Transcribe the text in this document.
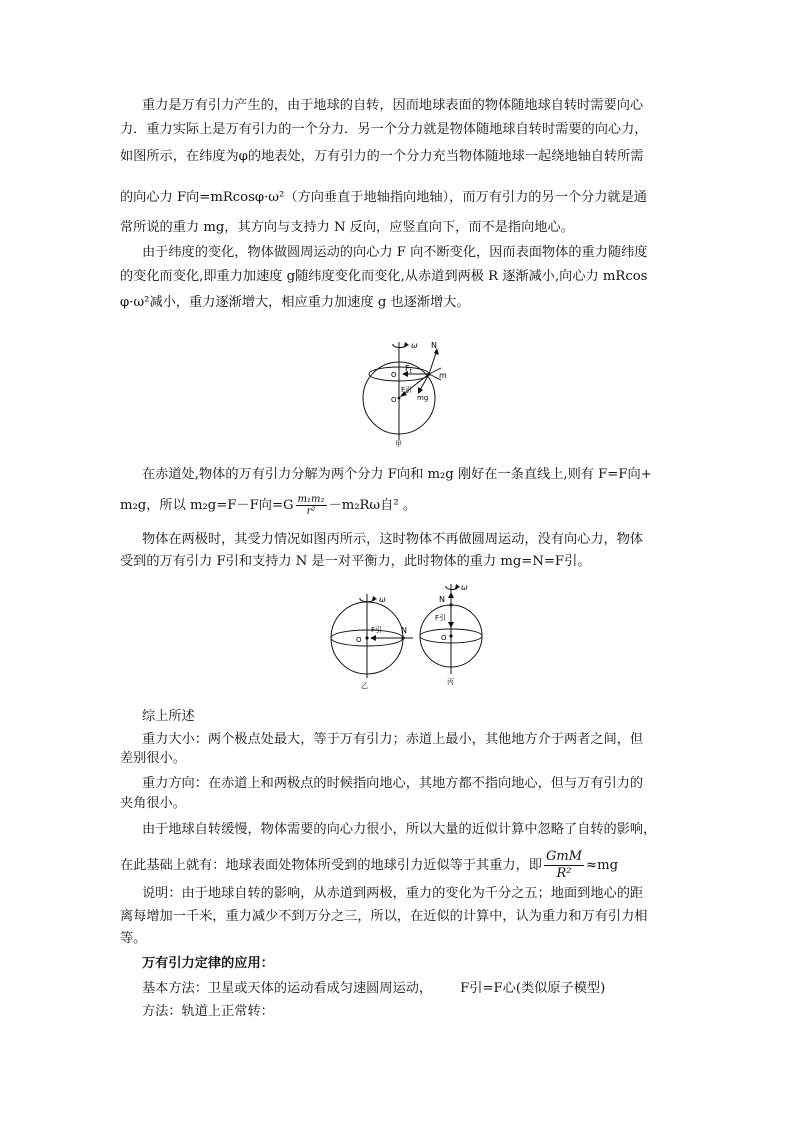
重力是万有引力产生的，由于地球的自转，因而地球表面的物体随地球自转时需要向心
力．重力实际上是万有引力的一个分力．另一个分力就是物体随地球自转时需要的向心力，
如图所示，在纬度为φ的地表处，万有引力的一个分力充当物体随地球一起绕地轴自转所需
的向心力 F向=mRcosφ·ω²（方向垂直于地轴指向地轴），而万有引力的另一个分力就是通
常所说的重力 mg，其方向与支持力 N 反向，应竖直向下，而不是指向地心。
由于纬度的变化，物体做圆周运动的向心力 F 向不断变化，因而表面物体的重力随纬度
的变化而变化,即重力加速度 g随纬度变化而变化,从赤道到两极 R 逐渐减小,向心力 mRcos
φ·ω²减小，重力逐渐增大，相应重力加速度 g 也逐渐增大。
ω N
$F_t$	m
O
O
F引
mg
甲
在赤道处,物体的万有引力分解为两个分力 F向和 m₂g 刚好在一条直线上,则有 F=F向+
m₂g，所以 m₂g=F－F向$=G \frac{\text{m₁m₂}}{\text{r²}} -m_2R\omega$自² 。
物体在两极时，其受力情况如图丙所示，这时物体不再做圆周运动，没有向心力，物体
受到的万有引力 F引和支持力 N 是一对平衡力，此时物体的重力 mg=N=F引。
ω
F引 N
O
乙
ω
N
F引
O
丙
综上所述
重力大小：两个极点处最大，等于万有引力；赤道上最小，其他地方介于两者之间，但
差别很小。
重力方向：在赤道上和两极点的时候指向地心，其地方都不指向地心，但与万有引力的
夹角很小。
由于地球自转缓慢，物体需要的向心力很小，所以大量的近似计算中忽略了自转的影响，
在此基础上就有：地球表面处物体所受到的地球引力近似等于其重力，即 $\frac{\text{GmM}}{\text{R²}} \approx mg$
说明：由于地球自转的影响，从赤道到两极，重力的变化为千分之五；地面到地心的距
离每增加一千米，重力减少不到万分之三，所以，在近似的计算中，认为重力和万有引力相
等。
万有引力定律的应用：
基本方法：卫星或天体的运动看成匀速圆周运动， F引=F心(类似原子模型)
方法：轨道上正常转：
